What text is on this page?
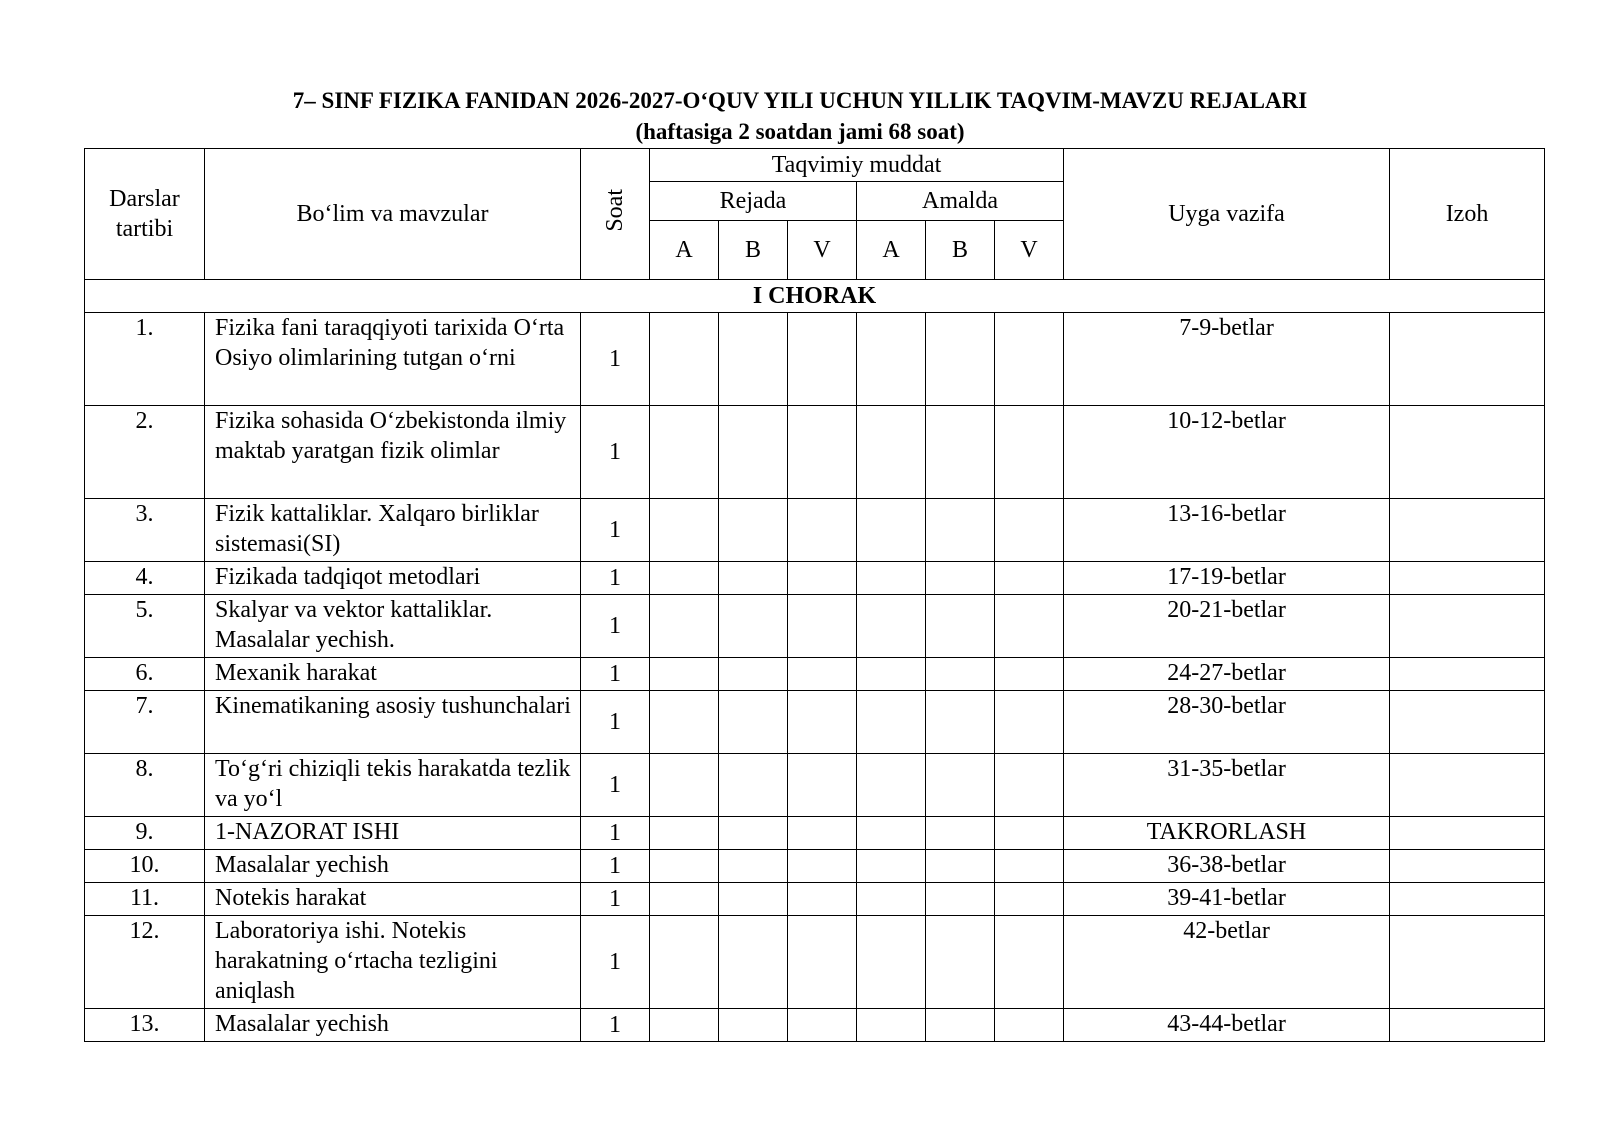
7– SINF FIZIKA FANIDAN 2026-2027-O‘QUV YILI UCHUN YILLIK TAQVIM-MAVZU REJALARI
(haftasiga 2 soatdan jami 68 soat)
Darslar tartibi	Bo‘lim va mavzular	Soat	Taqvimiy muddat						Uyga vazifa	Izoh
			Rejada			Amalda				
			A	B	V	A	B	V		
I CHORAK										
1.	Fizika fani taraqqiyoti tarixida O‘rta Osiyo olimlarining tutgan o‘rni	1							7-9-betlar	
2.	Fizika sohasida O‘zbekistonda ilmiy maktab yaratgan fizik olimlar	1							10-12-betlar	
3.	Fizik kattaliklar. Xalqaro birliklar sistemasi(SI)	1							13-16-betlar	
4.	Fizikada tadqiqot metodlari	1							17-19-betlar	
5.	Skalyar va vektor kattaliklar. Masalalar yechish.	1							20-21-betlar	
6.	Mexanik harakat	1							24-27-betlar	
7.	Kinematikaning asosiy tushunchalari	1							28-30-betlar	
8.	To‘g‘ri chiziqli tekis harakatda tezlik va yo‘l	1							31-35-betlar	
9.	1-NAZORAT ISHI	1							TAKRORLASH	
10.	Masalalar yechish	1							36-38-betlar	
11.	Notekis harakat	1							39-41-betlar	
12.	Laboratoriya ishi. Notekis harakatning o‘rtacha tezligini aniqlash	1							42-betlar	
13.	Masalalar yechish	1							43-44-betlar	
